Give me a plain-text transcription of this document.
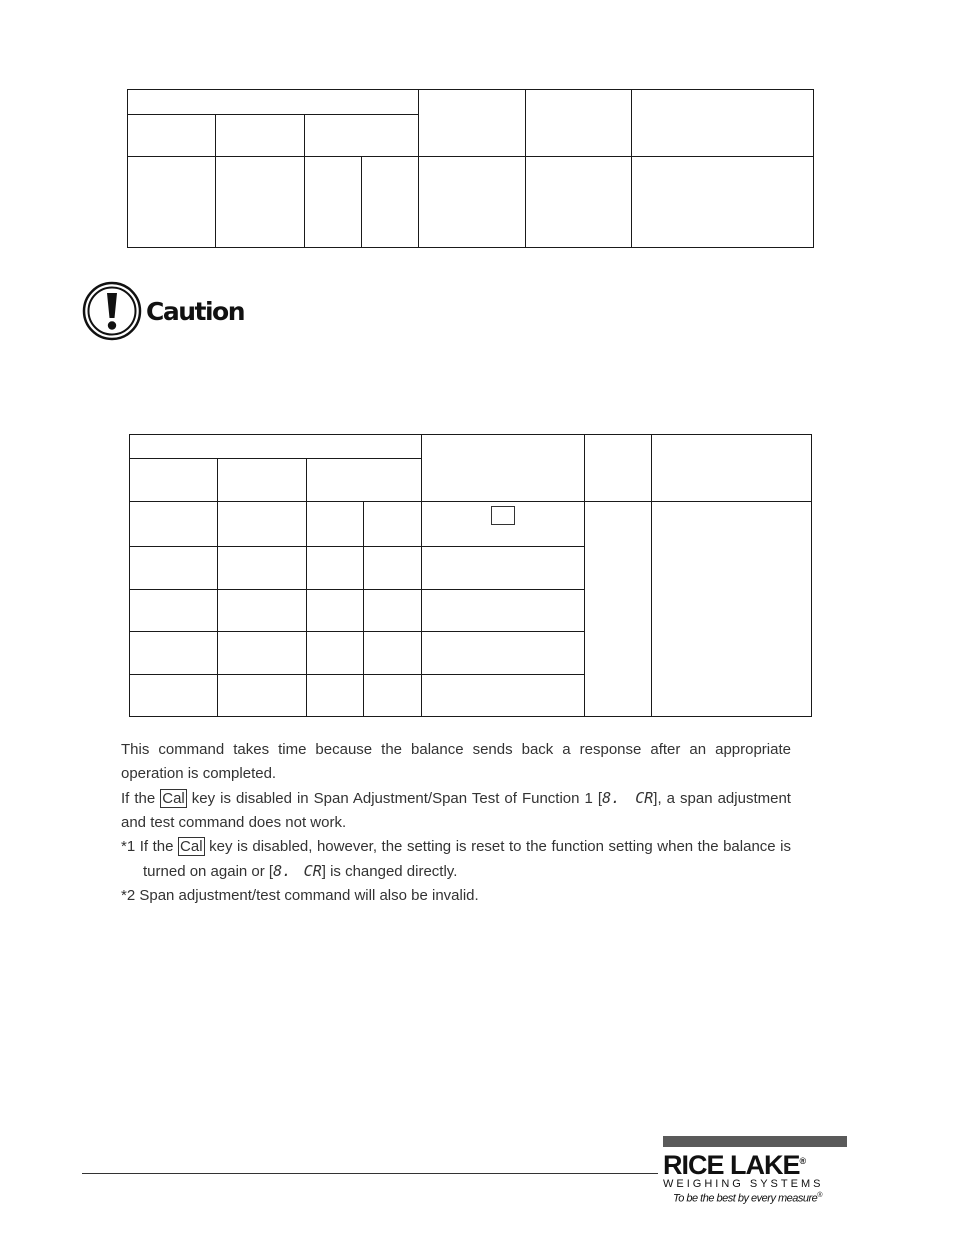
Caution

This command takes time because the balance sends back a response after an appropriate operation is completed.

If the Cal key is disabled in Span Adjustment/Span Test of Function 1 [8. CR], a span adjustment and test command does not work.

*1 If the Cal key is disabled, however, the setting is reset to the function setting when the balance is turned on again or [8. CR] is changed directly.

*2 Span adjustment/test command will also be invalid.

RICE LAKE®
WEIGHING SYSTEMS
To be the best by every measure®
